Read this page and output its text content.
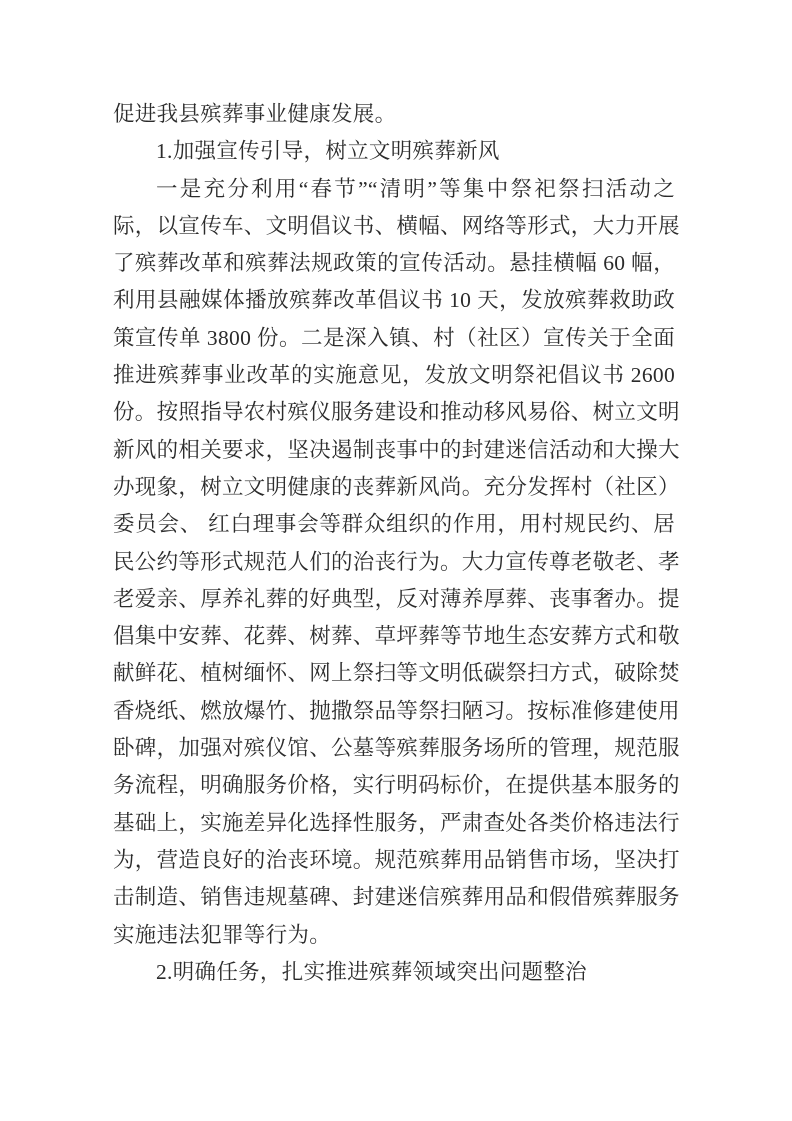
促进我县殡葬事业健康发展。
1.加强宣传引导，树立文明殡葬新风
一是充分利用“春节”“清明”等集中祭祀祭扫活动之
际，以宣传车、文明倡议书、横幅、网络等形式，大力开展
了殡葬改革和殡葬法规政策的宣传活动。悬挂横幅 60 幅，
利用县融媒体播放殡葬改革倡议书 10 天，发放殡葬救助政
策宣传单 3800 份。二是深入镇、村（社区）宣传关于全面
推进殡葬事业改革的实施意见，发放文明祭祀倡议书 2600
份。按照指导农村殡仪服务建设和推动移风易俗、树立文明
新风的相关要求，坚决遏制丧事中的封建迷信活动和大操大
办现象，树立文明健康的丧葬新风尚。充分发挥村（社区）
委员会、 红白理事会等群众组织的作用，用村规民约、居
民公约等形式规范人们的治丧行为。大力宣传尊老敬老、孝
老爱亲、厚养礼葬的好典型，反对薄养厚葬、丧事奢办。提
倡集中安葬、花葬、树葬、草坪葬等节地生态安葬方式和敬
献鲜花、植树缅怀、网上祭扫等文明低碳祭扫方式，破除焚
香烧纸、燃放爆竹、抛撒祭品等祭扫陋习。按标准修建使用
卧碑，加强对殡仪馆、公墓等殡葬服务场所的管理，规范服
务流程，明确服务价格，实行明码标价，在提供基本服务的
基础上，实施差异化选择性服务，严肃查处各类价格违法行
为，营造良好的治丧环境。规范殡葬用品销售市场，坚决打
击制造、销售违规墓碑、封建迷信殡葬用品和假借殡葬服务
实施违法犯罪等行为。
2.明确任务，扎实推进殡葬领域突出问题整治
